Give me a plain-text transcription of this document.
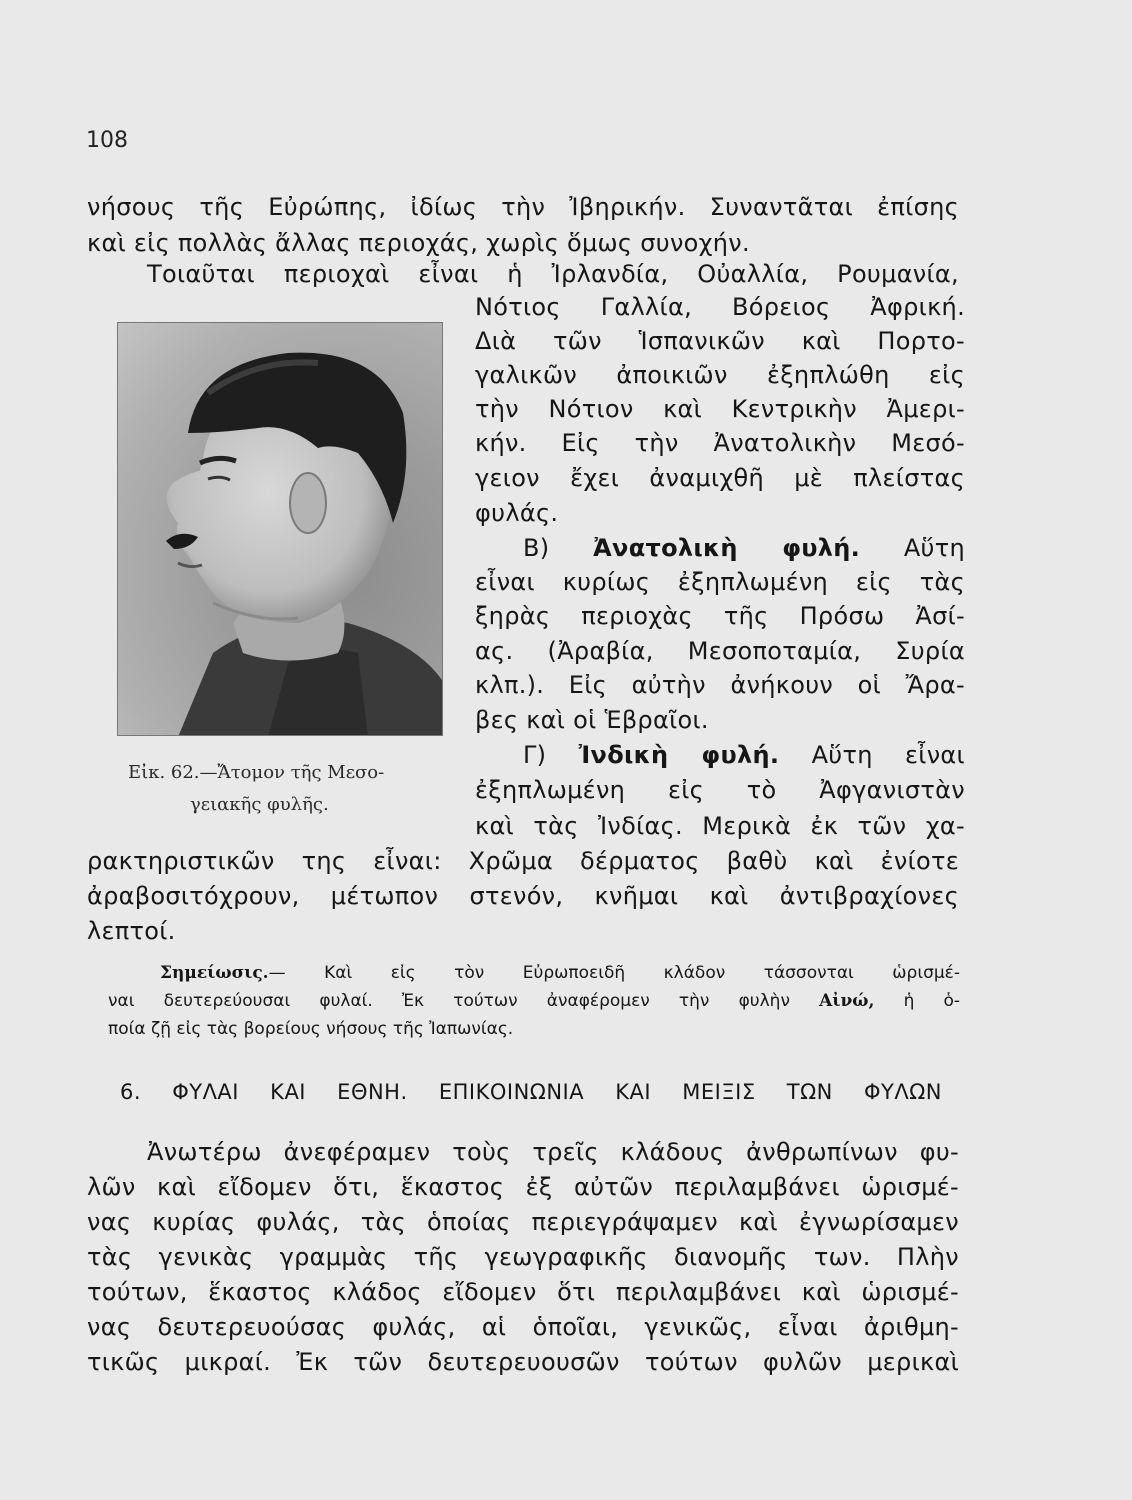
108
νήσους τῆς Εὐρώπης, ἰδίως τὴν Ἰβηρικήν. Συναντᾶται ἐπίσης
καὶ εἰς πολλὰς ἄλλας περιοχάς, χωρὶς ὅμως συνοχήν.
Τοιαῦται περιοχαὶ εἶναι ἡ Ἰρλανδία, Οὐαλλία, Ρουμανία,
Νότιος Γαλλία, Βόρειος Ἀφρική.
Διὰ τῶν Ἱσπανικῶν καὶ Πορτο-
γαλικῶν ἀποικιῶν ἐξηπλώθη εἰς
τὴν Νότιον καὶ Κεντρικὴν Ἀμερι-
κήν. Εἰς τὴν Ἀνατολικὴν Μεσό-
γειον ἔχει ἀναμιχθῆ μὲ πλείστας
φυλάς.
Β) Ἀνατολικὴ φυλή. Αὕτη
εἶναι κυρίως ἐξηπλωμένη εἰς τὰς
ξηρὰς περιοχὰς τῆς Πρόσω Ἀσί-
ας. (Ἀραβία, Μεσοποταμία, Συρία
κλπ.). Εἰς αὐτὴν ἀνήκουν οἱ Ἄρα-
βες καὶ οἱ Ἑβραῖοι.
Γ) Ἰνδικὴ φυλή. Αὕτη εἶναι
ἐξηπλωμένη εἰς τὸ Ἀφγανιστὰν
καὶ τὰς Ἰνδίας. Μερικὰ ἐκ τῶν χα-
ρακτηριστικῶν της εἶναι: Χρῶμα δέρματος βαθὺ καὶ ἐνίοτε
ἀραβοσιτόχρουν, μέτωπον στενόν, κνῆμαι καὶ ἀντιβραχίονες
λεπτοί.
Εἰκ. 62.—Ἄτομον τῆς Μεσο-
γειακῆς φυλῆς.
Σημείωσις.— Καὶ εἰς τὸν Εὐρωποειδῆ κλάδον τάσσονται ὡρισμέ-
ναι δευτερεύουσαι φυλαί. Ἐκ τούτων ἀναφέρομεν τὴν φυλὴν Αἰνώ, ἡ ὁ-
ποία ζῇ εἰς τὰς βορείους νήσους τῆς Ἰαπωνίας.
6. ΦΥΛΑΙ ΚΑΙ ΕΘΝΗ. ΕΠΙΚΟΙΝΩΝΙΑ ΚΑΙ ΜΕΙΞΙΣ ΤΩΝ ΦΥΛΩΝ
Ἀνωτέρω ἀνεφέραμεν τοὺς τρεῖς κλάδους ἀνθρωπίνων φυ-
λῶν καὶ εἴδομεν ὅτι, ἕκαστος ἐξ αὐτῶν περιλαμβάνει ὡρισμέ-
νας κυρίας φυλάς, τὰς ὁποίας περιεγράψαμεν καὶ ἐγνωρίσαμεν
τὰς γενικὰς γραμμὰς τῆς γεωγραφικῆς διανομῆς των. Πλὴν
τούτων, ἕκαστος κλάδος εἴδομεν ὅτι περιλαμβάνει καὶ ὡρισμέ-
νας δευτερευούσας φυλάς, αἱ ὁποῖαι, γενικῶς, εἶναι ἀριθμη-
τικῶς μικραί. Ἐκ τῶν δευτερευουσῶν τούτων φυλῶν μερικαὶ
